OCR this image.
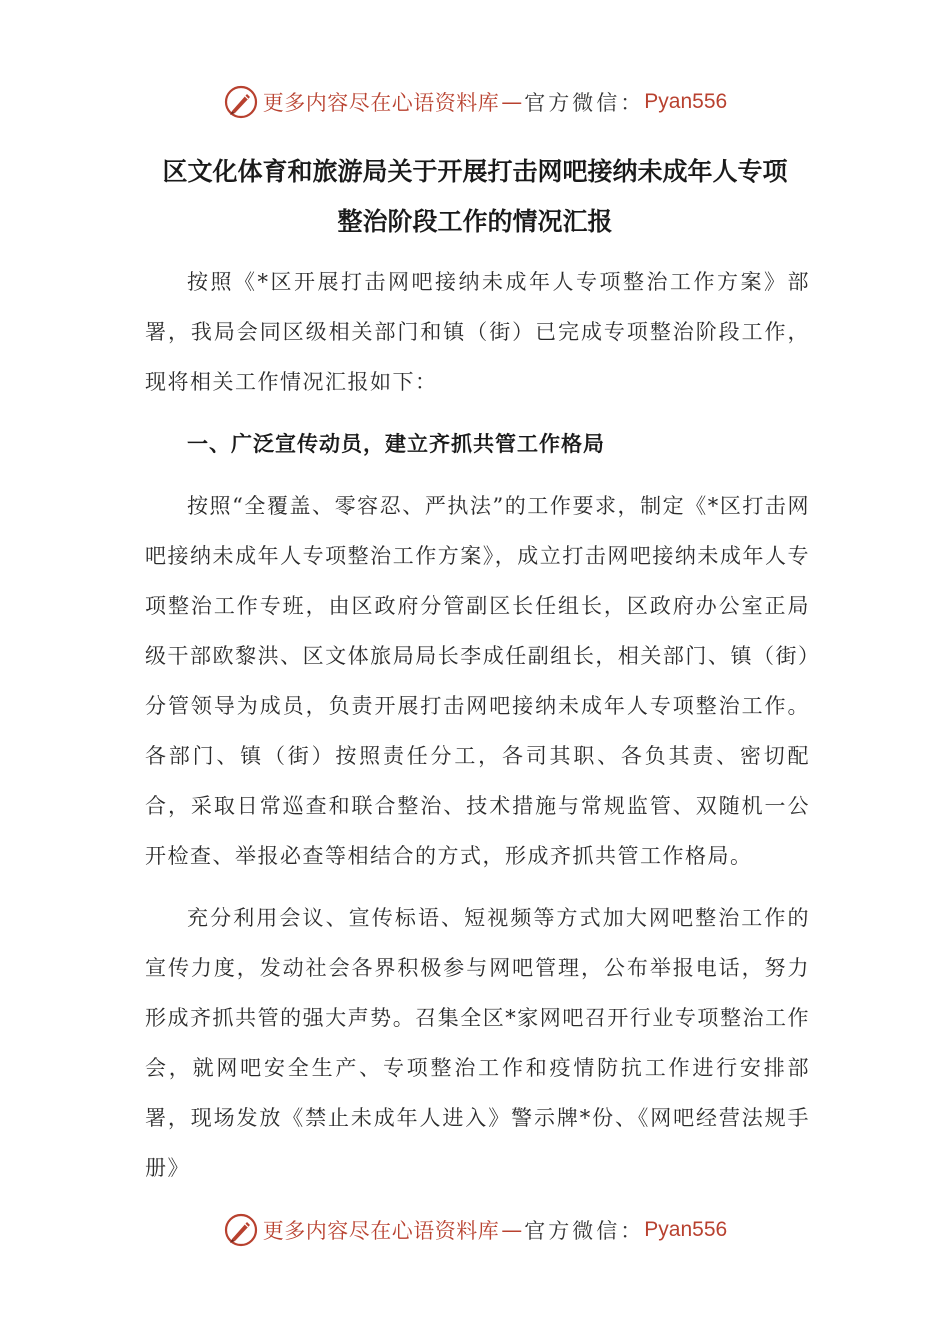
更多内容尽在心语资料库 — 官方微信： Pyan556
区文化体育和旅游局关于开展打击网吧接纳未成年人专项
整治阶段工作的情况汇报

按照《*区开展打击网吧接纳未成年人专项整治工作方案》部署，我局会同区级相关部门和镇（街）已完成专项整治阶段工作，现将相关工作情况汇报如下：

一、广泛宣传动员，建立齐抓共管工作格局

按照“全覆盖、零容忍、严执法”的工作要求，制定《*区打击网吧接纳未成年人专项整治工作方案》，成立打击网吧接纳未成年人专项整治工作专班，由区政府分管副区长任组长，区政府办公室正局级干部欧黎洪、区文体旅局局长李成任副组长，相关部门、镇（街）分管领导为成员，负责开展打击网吧接纳未成年人专项整治工作。各部门、镇（街）按照责任分工，各司其职、各负其责、密切配合，采取日常巡查和联合整治、技术措施与常规监管、双随机一公开检查、举报必查等相结合的方式，形成齐抓共管工作格局。

充分利用会议、宣传标语、短视频等方式加大网吧整治工作的宣传力度，发动社会各界积极参与网吧管理，公布举报电话，努力形成齐抓共管的强大声势。召集全区*家网吧召开行业专项整治工作会，就网吧安全生产、专项整治工作和疫情防抗工作进行安排部署，现场发放《禁止未成年人进入》警示牌*份、《网吧经营法规手册》

更多内容尽在心语资料库 — 官方微信： Pyan556
